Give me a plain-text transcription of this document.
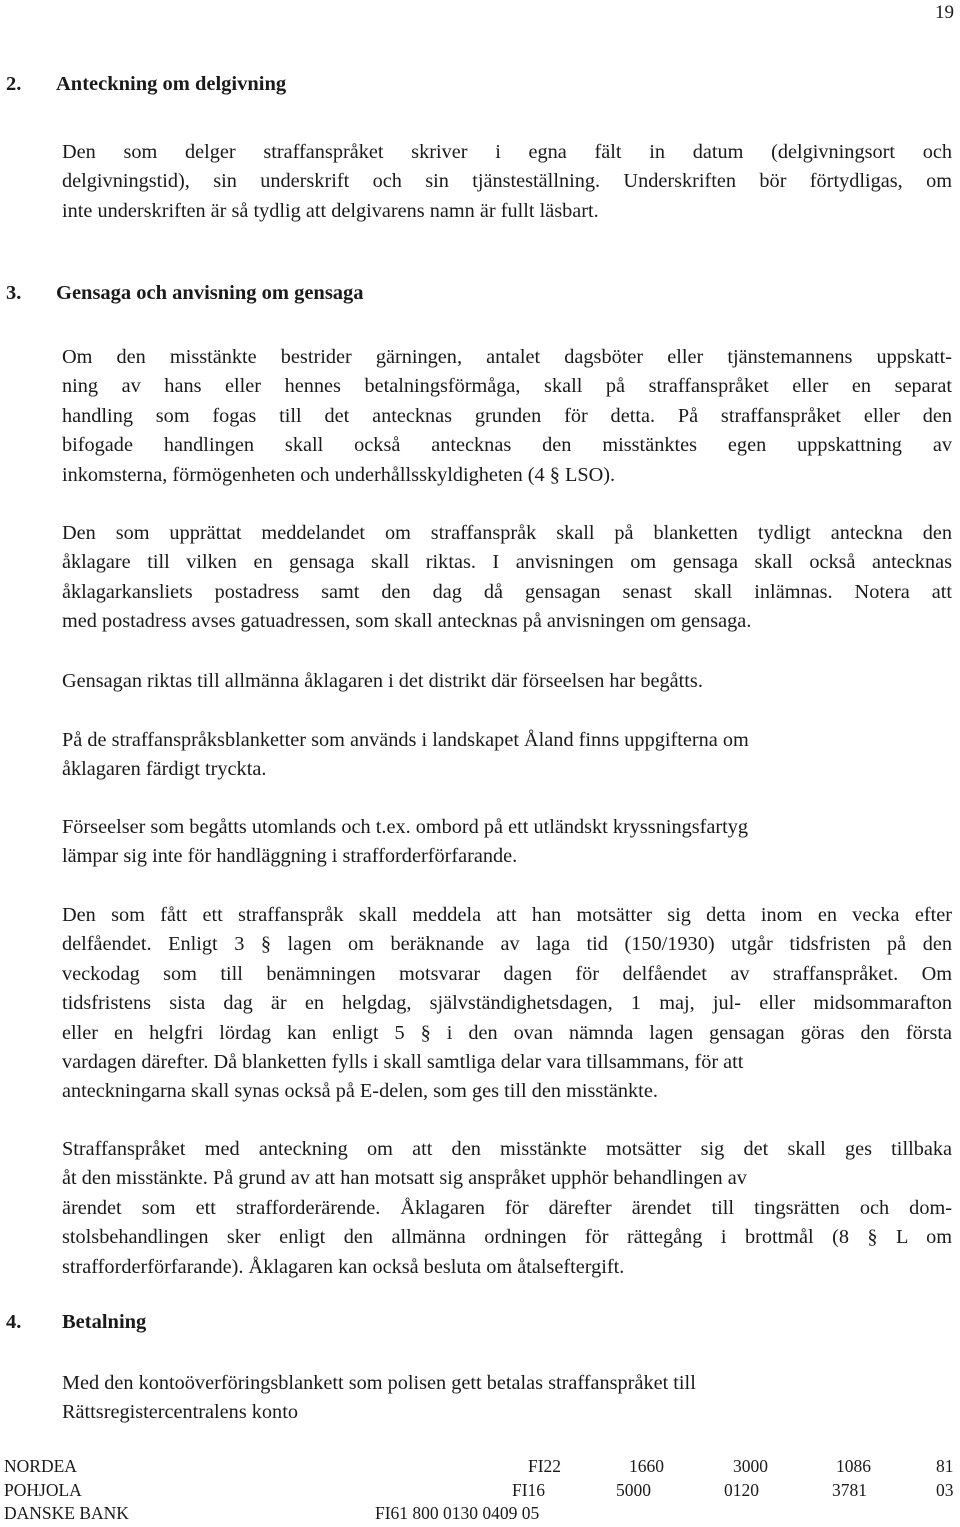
19
2. Anteckning om delgivning
Den som delger straffanspråket skriver i egna fält in datum (delgivningsort och
delgivningstid), sin underskrift och sin tjänsteställning. Underskriften bör förtydligas, om
inte underskriften är så tydlig att delgivarens namn är fullt läsbart.
3. Gensaga och anvisning om gensaga
Om den misstänkte bestrider gärningen, antalet dagsböter eller tjänstemannens uppskatt-
ning av hans eller hennes betalningsförmåga, skall på straffanspråket eller en separat
handling som fogas till det antecknas grunden för detta. På straffanspråket eller den
bifogade handlingen skall också antecknas den misstänktes egen uppskattning av
inkomsterna, förmögenheten och underhållsskyldigheten (4 § LSO).
Den som upprättat meddelandet om straffanspråk skall på blanketten tydligt anteckna den
åklagare till vilken en gensaga skall riktas. I anvisningen om gensaga skall också antecknas
åklagarkansliets postadress samt den dag då gensagan senast skall inlämnas. Notera att
med postadress avses gatuadressen, som skall antecknas på anvisningen om gensaga.
Gensagan riktas till allmänna åklagaren i det distrikt där förseelsen har begåtts.
På de straffanspråksblanketter som används i landskapet Åland finns uppgifterna om
åklagaren färdigt tryckta.
Förseelser som begåtts utomlands och t.ex. ombord på ett utländskt kryssningsfartyg
lämpar sig inte för handläggning i strafforderförfarande.
Den som fått ett straffanspråk skall meddela att han motsätter sig detta inom en vecka efter
delfåendet. Enligt 3 § lagen om beräknande av laga tid (150/1930) utgår tidsfristen på den
veckodag som till benämningen motsvarar dagen för delfåendet av straffanspråket. Om
tidsfristens sista dag är en helgdag, självständighetsdagen, 1 maj, jul- eller midsommarafton
eller en helgfri lördag kan enligt 5 § i den ovan nämnda lagen gensagan göras den första
vardagen därefter. Då blanketten fylls i skall samtliga delar vara tillsammans, för att
anteckningarna skall synas också på E-delen, som ges till den misstänkte.
Straffanspråket med anteckning om att den misstänkte motsätter sig det skall ges tillbaka
åt den misstänkte. På grund av att han motsatt sig anspråket upphör behandlingen av
ärendet som ett strafforderärende. Åklagaren för därefter ärendet till tingsrätten och dom-
stolsbehandlingen sker enligt den allmänna ordningen för rättegång i brottmål (8 § L om
strafforderförfarande). Åklagaren kan också besluta om åtalseftergift.
4. Betalning
Med den kontoöverföringsblankett som polisen gett betalas straffanspråket till
Rättsregistercentralens konto
NORDEA	FI22	1660	3000	1086	81
POHJOLA	FI16	5000	0120	3781	03
DANSKE BANK	FI61 800 0130 0409 05
